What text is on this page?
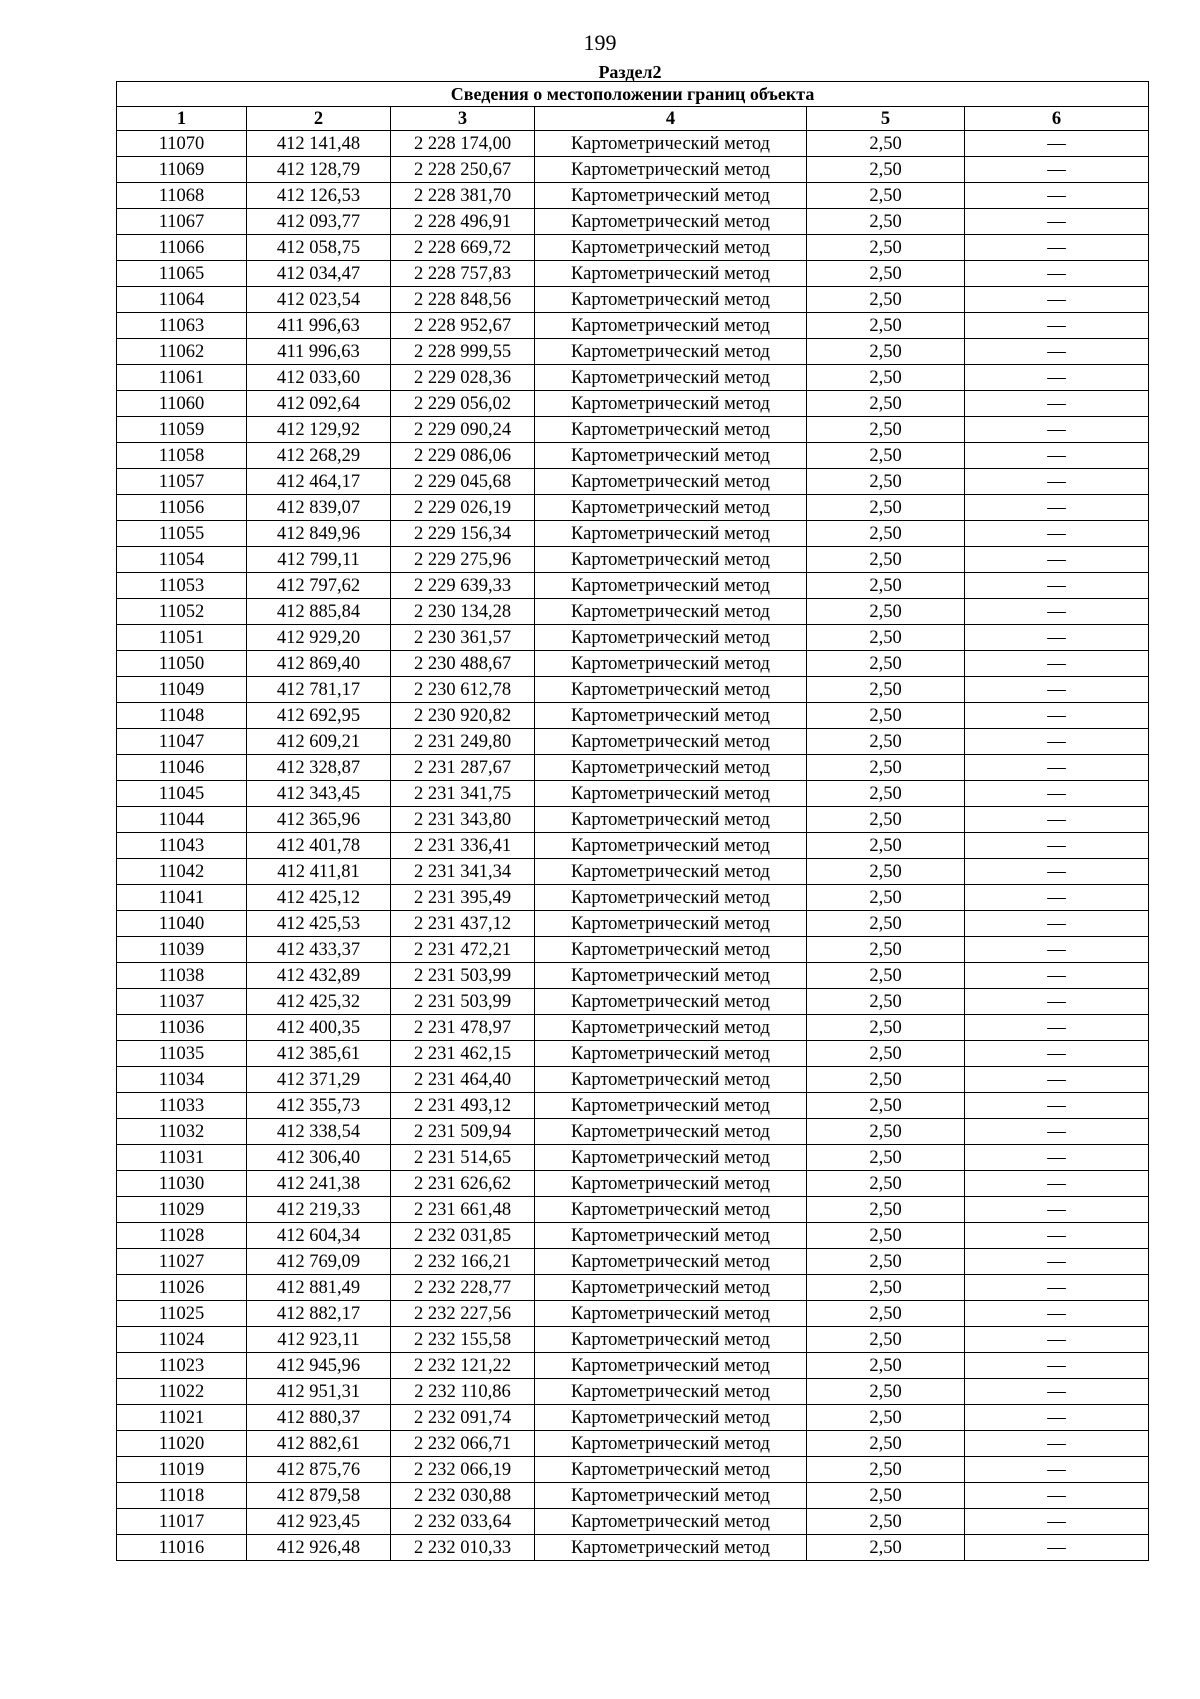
199
Раздел2
Сведения о местоположении границ объекта					
1	2	3	4	5	6
11070	412 141,48	2 228 174,00	Картометрический метод	2,50	—
11069	412 128,79	2 228 250,67	Картометрический метод	2,50	—
11068	412 126,53	2 228 381,70	Картометрический метод	2,50	—
11067	412 093,77	2 228 496,91	Картометрический метод	2,50	—
11066	412 058,75	2 228 669,72	Картометрический метод	2,50	—
11065	412 034,47	2 228 757,83	Картометрический метод	2,50	—
11064	412 023,54	2 228 848,56	Картометрический метод	2,50	—
11063	411 996,63	2 228 952,67	Картометрический метод	2,50	—
11062	411 996,63	2 228 999,55	Картометрический метод	2,50	—
11061	412 033,60	2 229 028,36	Картометрический метод	2,50	—
11060	412 092,64	2 229 056,02	Картометрический метод	2,50	—
11059	412 129,92	2 229 090,24	Картометрический метод	2,50	—
11058	412 268,29	2 229 086,06	Картометрический метод	2,50	—
11057	412 464,17	2 229 045,68	Картометрический метод	2,50	—
11056	412 839,07	2 229 026,19	Картометрический метод	2,50	—
11055	412 849,96	2 229 156,34	Картометрический метод	2,50	—
11054	412 799,11	2 229 275,96	Картометрический метод	2,50	—
11053	412 797,62	2 229 639,33	Картометрический метод	2,50	—
11052	412 885,84	2 230 134,28	Картометрический метод	2,50	—
11051	412 929,20	2 230 361,57	Картометрический метод	2,50	—
11050	412 869,40	2 230 488,67	Картометрический метод	2,50	—
11049	412 781,17	2 230 612,78	Картометрический метод	2,50	—
11048	412 692,95	2 230 920,82	Картометрический метод	2,50	—
11047	412 609,21	2 231 249,80	Картометрический метод	2,50	—
11046	412 328,87	2 231 287,67	Картометрический метод	2,50	—
11045	412 343,45	2 231 341,75	Картометрический метод	2,50	—
11044	412 365,96	2 231 343,80	Картометрический метод	2,50	—
11043	412 401,78	2 231 336,41	Картометрический метод	2,50	—
11042	412 411,81	2 231 341,34	Картометрический метод	2,50	—
11041	412 425,12	2 231 395,49	Картометрический метод	2,50	—
11040	412 425,53	2 231 437,12	Картометрический метод	2,50	—
11039	412 433,37	2 231 472,21	Картометрический метод	2,50	—
11038	412 432,89	2 231 503,99	Картометрический метод	2,50	—
11037	412 425,32	2 231 503,99	Картометрический метод	2,50	—
11036	412 400,35	2 231 478,97	Картометрический метод	2,50	—
11035	412 385,61	2 231 462,15	Картометрический метод	2,50	—
11034	412 371,29	2 231 464,40	Картометрический метод	2,50	—
11033	412 355,73	2 231 493,12	Картометрический метод	2,50	—
11032	412 338,54	2 231 509,94	Картометрический метод	2,50	—
11031	412 306,40	2 231 514,65	Картометрический метод	2,50	—
11030	412 241,38	2 231 626,62	Картометрический метод	2,50	—
11029	412 219,33	2 231 661,48	Картометрический метод	2,50	—
11028	412 604,34	2 232 031,85	Картометрический метод	2,50	—
11027	412 769,09	2 232 166,21	Картометрический метод	2,50	—
11026	412 881,49	2 232 228,77	Картометрический метод	2,50	—
11025	412 882,17	2 232 227,56	Картометрический метод	2,50	—
11024	412 923,11	2 232 155,58	Картометрический метод	2,50	—
11023	412 945,96	2 232 121,22	Картометрический метод	2,50	—
11022	412 951,31	2 232 110,86	Картометрический метод	2,50	—
11021	412 880,37	2 232 091,74	Картометрический метод	2,50	—
11020	412 882,61	2 232 066,71	Картометрический метод	2,50	—
11019	412 875,76	2 232 066,19	Картометрический метод	2,50	—
11018	412 879,58	2 232 030,88	Картометрический метод	2,50	—
11017	412 923,45	2 232 033,64	Картометрический метод	2,50	—
11016	412 926,48	2 232 010,33	Картометрический метод	2,50	—
